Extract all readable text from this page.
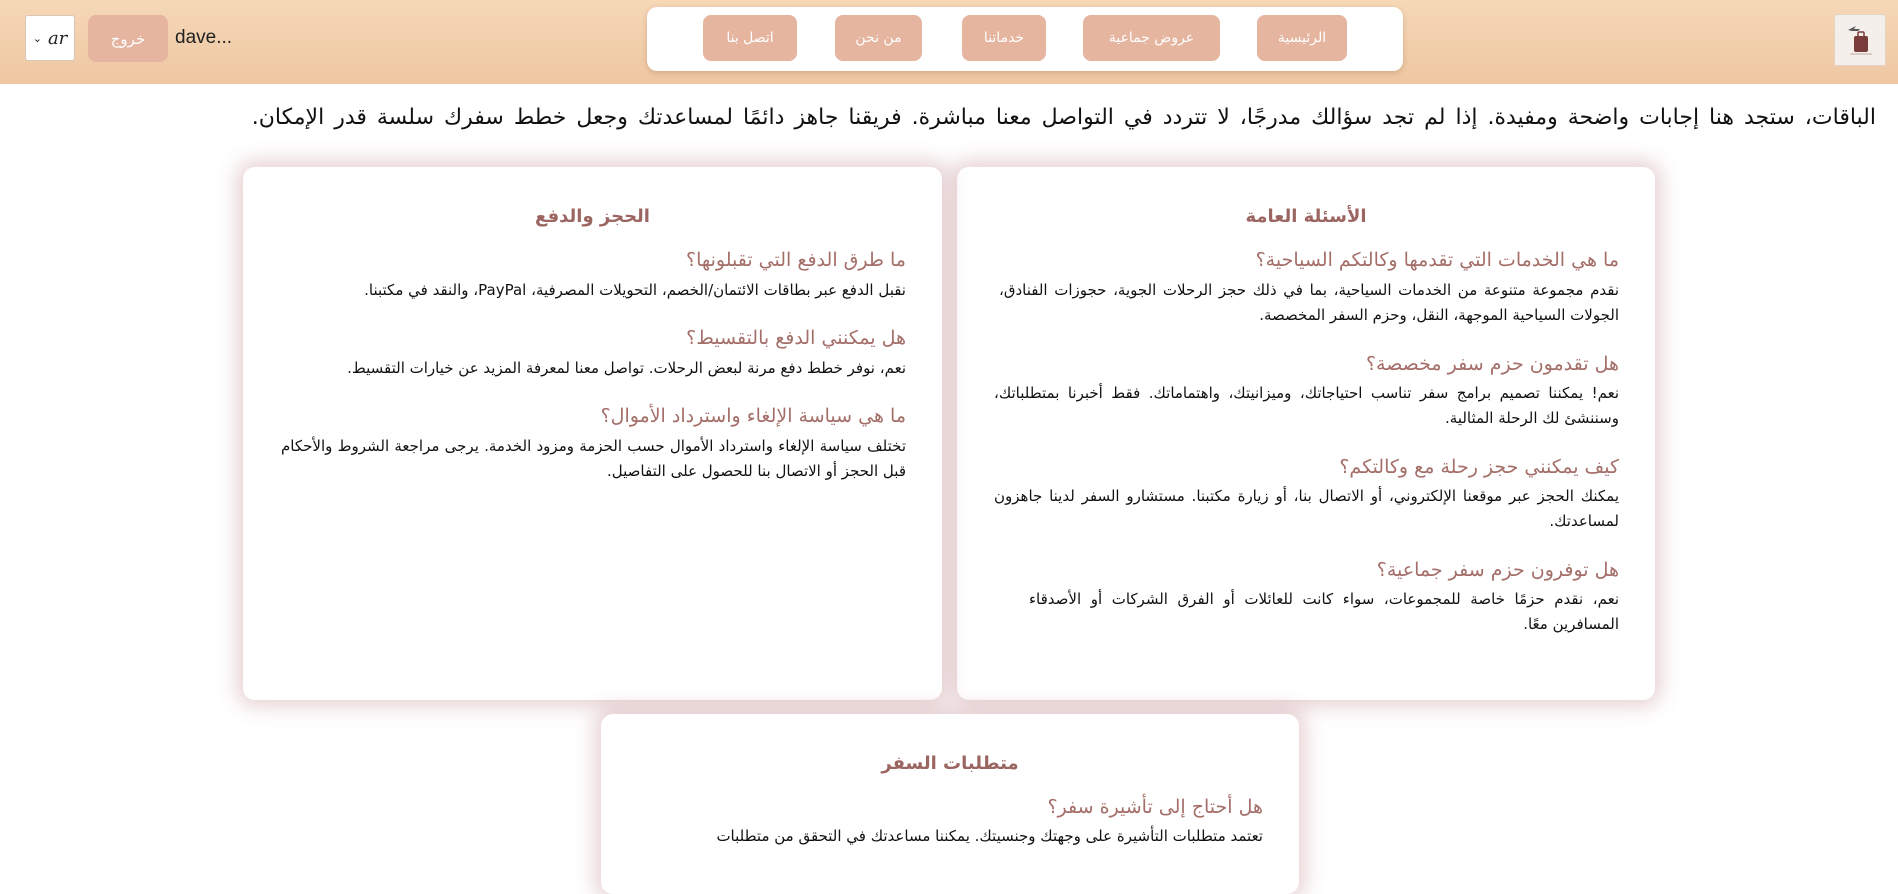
الرئيسية
عروض جماعية
خدماتنا
من نحن
اتصل بنا
⌄ ar	خروج	dave...
الباقات، ستجد هنا إجابات واضحة ومفيدة. إذا لم تجد سؤالك مدرجًا، لا تتردد في التواصل معنا مباشرة. فريقنا جاهز دائمًا لمساعدتك وجعل خطط سفرك سلسة قدر الإمكان.
الأسئلة العامة
ما هي الخدمات التي تقدمها وكالتكم السياحية؟
نقدم مجموعة متنوعة من الخدمات السياحية، بما في ذلك حجز الرحلات الجوية، حجوزات الفنادق، الجولات السياحية الموجهة، النقل، وحزم السفر المخصصة.
هل تقدمون حزم سفر مخصصة؟
نعم! يمكننا تصميم برامج سفر تناسب احتياجاتك، وميزانيتك، واهتماماتك. فقط أخبرنا بمتطلباتك، وسننشئ لك الرحلة المثالية.
كيف يمكنني حجز رحلة مع وكالتكم؟
يمكنك الحجز عبر موقعنا الإلكتروني، أو الاتصال بنا، أو زيارة مكتبنا. مستشارو السفر لدينا جاهزون لمساعدتك.
هل توفرون حزم سفر جماعية؟
نعم، نقدم حزمًا خاصة للمجموعات، سواء كانت للعائلات أو الفرق الشركات أو الأصدقاء المسافرين معًا.
الحجز والدفع
ما طرق الدفع التي تقبلونها؟
نقبل الدفع عبر بطاقات الائتمان/الخصم، التحويلات المصرفية، PayPal، والنقد في مكتبنا.
هل يمكنني الدفع بالتقسيط؟
نعم، نوفر خطط دفع مرنة لبعض الرحلات. تواصل معنا لمعرفة المزيد عن خيارات التقسيط.
ما هي سياسة الإلغاء واسترداد الأموال؟
تختلف سياسة الإلغاء واسترداد الأموال حسب الحزمة ومزود الخدمة. يرجى مراجعة الشروط والأحكام قبل الحجز أو الاتصال بنا للحصول على التفاصيل.
متطلبات السفر
هل أحتاج إلى تأشيرة سفر؟
تعتمد متطلبات التأشيرة على وجهتك وجنسيتك. يمكننا مساعدتك في التحقق من متطلبات
